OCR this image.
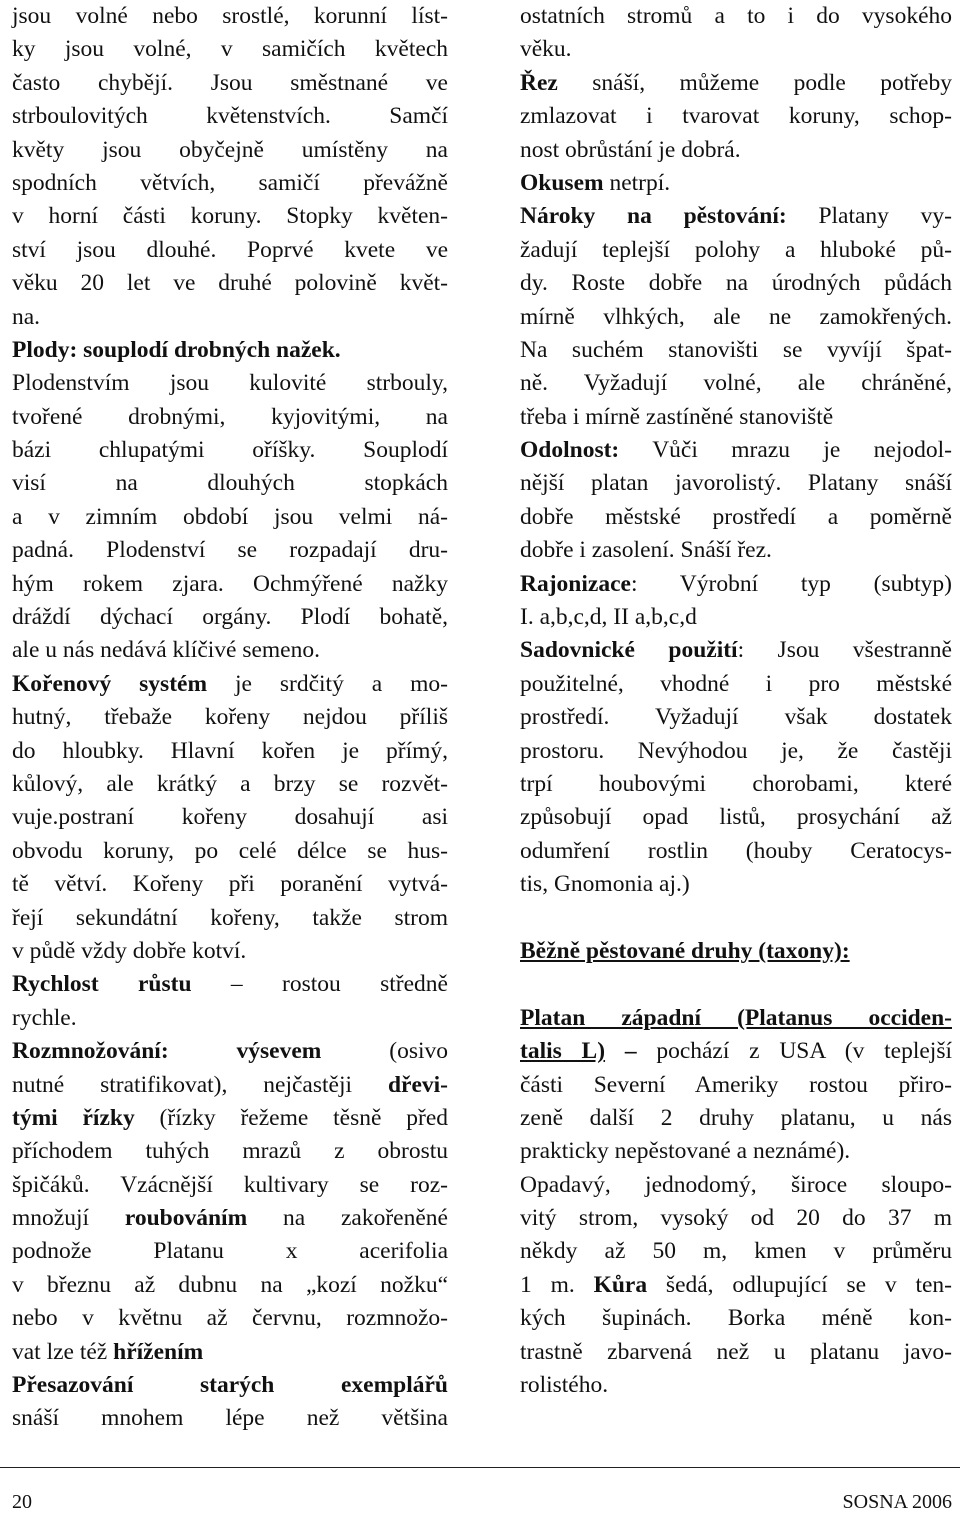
jsou volné nebo srostlé, korunní líst-
ky jsou volné, v samičích květech
často chybějí. Jsou směstnané ve
strboulovitých květenstvích. Samčí
květy jsou obyčejně umístěny na
spodních větvích, samičí převážně
v horní části koruny. Stopky květen-
ství jsou dlouhé. Poprvé kvete ve
věku 20 let ve druhé polovině květ-
na.
Plody: souplodí drobných nažek.
Plodenstvím jsou kulovité strbouly,
tvořené drobnými, kyjovitými, na
bázi chlupatými oříšky. Souplodí
visí na dlouhých stopkách
a v zimním období jsou velmi ná-
padná. Plodenství se rozpadají dru-
hým rokem zjara. Ochmýřené nažky
dráždí dýchací orgány. Plodí bohatě,
ale u nás nedává klíčivé semeno.
Kořenový systém je srdčitý a mo-
hutný, třebaže kořeny nejdou příliš
do hloubky. Hlavní kořen je přímý,
kůlový, ale krátký a brzy se rozvět-
vuje.postraní kořeny dosahují asi
obvodu koruny, po celé délce se hus-
tě větví. Kořeny při poranění vytvá-
řejí sekundátní kořeny, takže strom
v půdě vždy dobře kotví.
Rychlost růstu – rostou středně
rychle.
Rozmnožování: výsevem (osivo
nutné stratifikovat), nejčastěji dřevi-
tými řízky (řízky řežeme těsně před
příchodem tuhých mrazů z obrostu
špičáků. Vzácnější kultivary se roz-
množují roubováním na zakořeněné
podnože Platanu x acerifolia
v březnu až dubnu na „kozí nožku“
nebo v květnu až červnu, rozmnožo-
vat lze též hřížením
Přesazování starých exemplářů
snáší mnohem lépe než většina
ostatních stromů a to i do vysokého
věku.
Řez snáší, můžeme podle potřeby
zmlazovat i tvarovat koruny, schop-
nost obrůstání je dobrá.
Okusem netrpí.
Nároky na pěstování: Platany vy-
žadují teplejší polohy a hluboké pů-
dy. Roste dobře na úrodných půdách
mírně vlhkých, ale ne zamokřených.
Na suchém stanovišti se vyvíjí špat-
ně. Vyžadují volné, ale chráněné,
třeba i mírně zastíněné stanoviště
Odolnost: Vůči mrazu je nejodol-
nější platan javorolistý. Platany snáší
dobře městské prostředí a poměrně
dobře i zasolení. Snáší řez.
Rajonizace: Výrobní typ (subtyp)
I. a,b,c,d, II a,b,c,d
Sadovnické použití: Jsou všestranně
použitelné, vhodné i pro městské
prostředí. Vyžadují však dostatek
prostoru. Nevýhodou je, že častěji
trpí houbovými chorobami, které
způsobují opad listů, prosychání až
odumření rostlin (houby Ceratocys-
tis, Gnomonia aj.)
Běžně pěstované druhy (taxony):
Platan západní (Platanus occiden-
talis L) – pochází z USA (v teplejší
části Severní Ameriky rostou přiro-
zeně další 2 druhy platanu, u nás
prakticky nepěstované a neznámé).
Opadavý, jednodomý, široce sloupo-
vitý strom, vysoký od 20 do 37 m
někdy až 50 m, kmen v průměru
1 m. Kůra šedá, odlupující se v ten-
kých šupinách. Borka méně kon-
trastně zbarvená než u platanu javo-
rolistého.
20	SOSNA 2006
